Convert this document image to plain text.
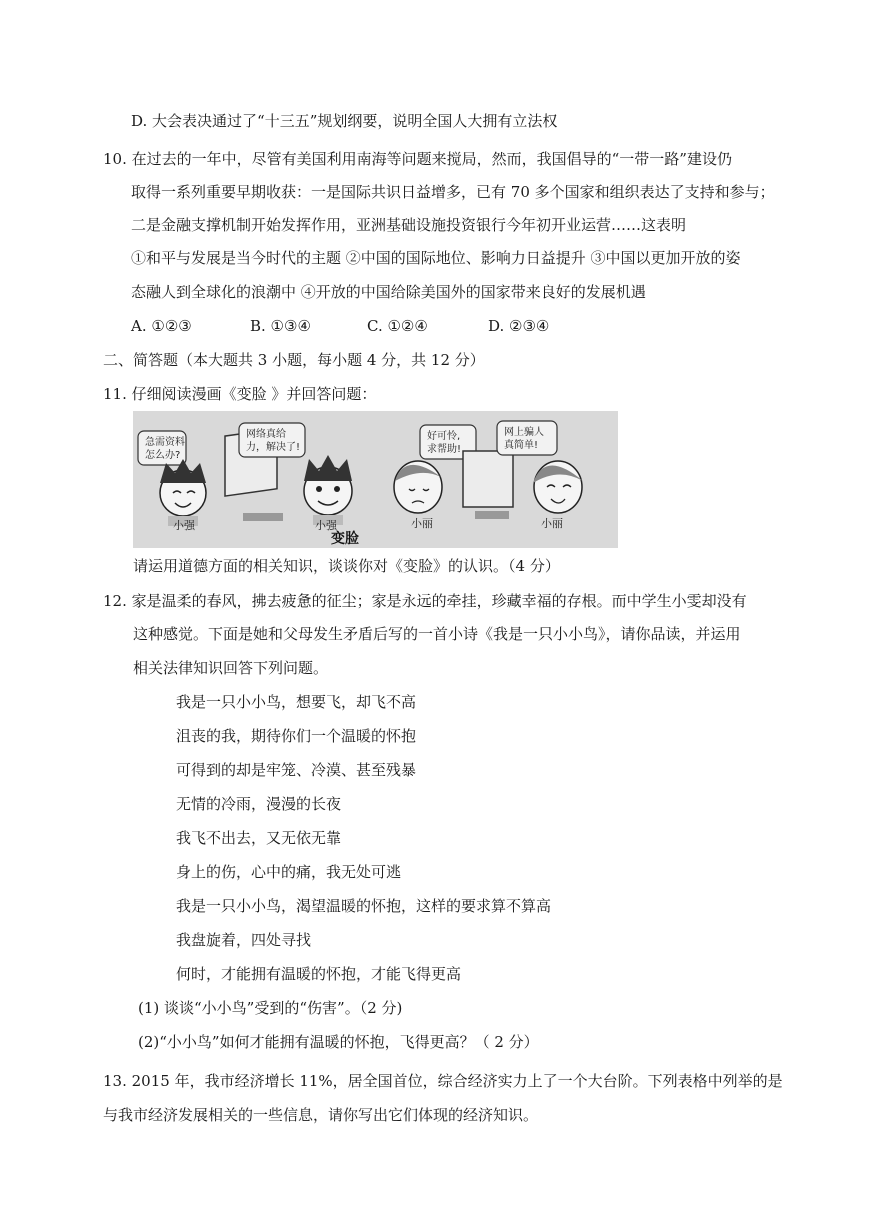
D. 大会表决通过了“十三五”规划纲要，说明全国人大拥有立法权
10. 在过去的一年中，尽管有美国利用南海等问题来搅局，然而，我国倡导的“一带一路”建设仍
取得一系列重要早期收获：一是国际共识日益增多，已有 70 多个国家和组织表达了支持和参与；
二是金融支撑机制开始发挥作用，亚洲基础设施投资银行今年初开业运营……这表明
①和平与发展是当今时代的主题 ②中国的国际地位、影响力日益提升 ③中国以更加开放的姿
态融人到全球化的浪潮中 ④开放的中国给除美国外的国家带来良好的发展机遇
A. ①②③	B. ①③④	C. ①②④	D. ②③④
二、简答题（本大题共 3 小题，每小题 4 分，共 12 分）
11. 仔细阅读漫画《变脸 》并回答问题：
急需资料
怎么办?
小强
网络真给
力，解决了!
小强
变脸
好可怜,
求帮助!
小丽
网上骗人
真简单!
小丽
请运用道德方面的相关知识，谈谈你对《变脸》的认识。（4 分）
12. 家是温柔的春风，拂去疲惫的征尘；家是永远的牵挂，珍藏幸福的存根。而中学生小雯却没有
这种感觉。下面是她和父母发生矛盾后写的一首小诗《我是一只小小鸟》，请你品读，并运用
相关法律知识回答下列问题。
我是一只小小鸟，想要飞，却飞不高
沮丧的我，期待你们一个温暖的怀抱
可得到的却是牢笼、冷漠、甚至残暴
无情的冷雨，漫漫的长夜
我飞不出去，又无依无靠
身上的伤，心中的痛，我无处可逃
我是一只小小鸟，渴望温暖的怀抱，这样的要求算不算高
我盘旋着，四处寻找
何时，才能拥有温暖的怀抱，才能飞得更高
(1) 谈谈“小小鸟”受到的“伤害”。（2 分)
(2)“小小鸟”如何才能拥有温暖的怀抱，飞得更高？（ 2 分）
13. 2015 年，我市经济增长 11%，居全国首位，综合经济实力上了一个大台阶。下列表格中列举的是
与我市经济发展相关的一些信息，请你写出它们体现的经济知识。
